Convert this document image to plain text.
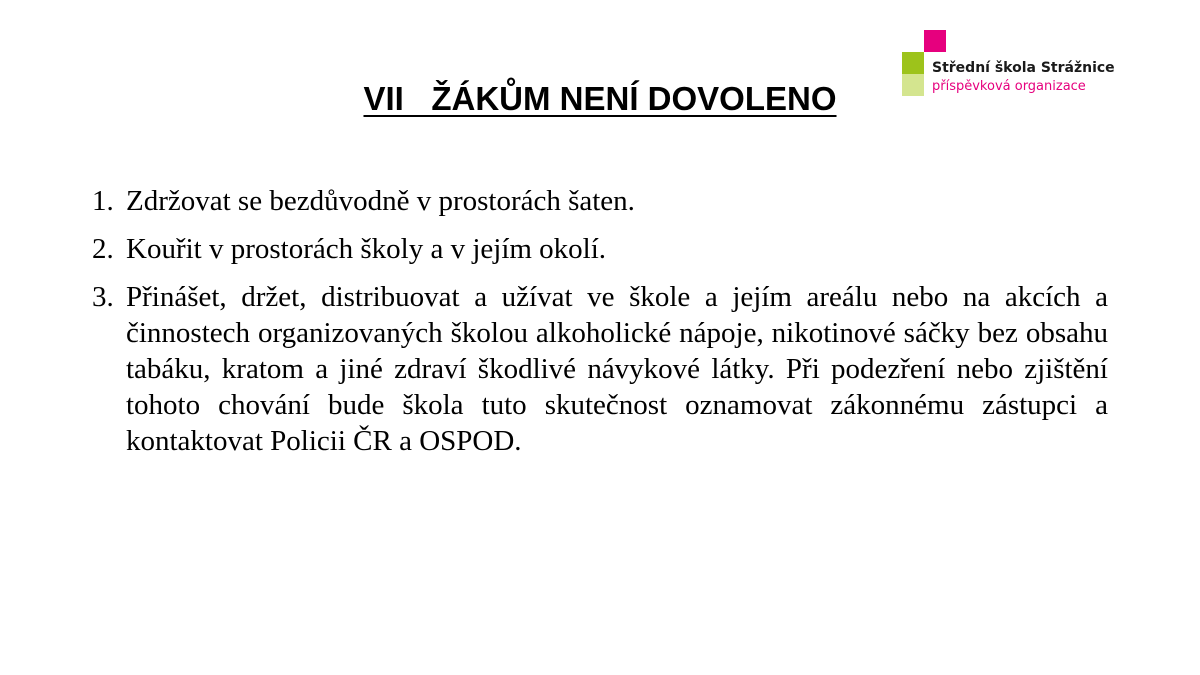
Střední škola Strážnice
příspěvková organizace
VII   ŽÁKŮM NENÍ DOVOLENO
1. Zdržovat se bezdůvodně v prostorách šaten.
2. Kouřit v prostorách školy a v jejím okolí.
3. Přinášet, držet, distribuovat a užívat ve škole a jejím areálu nebo na akcích a činnostech organizovaných školou alkoholické nápoje, nikotinové sáčky bez obsahu tabáku, kratom a jiné zdraví škodlivé návykové látky. Při podezření nebo zjištění tohoto chování bude škola tuto skutečnost oznamovat zákonnému zástupci a kontaktovat Policii ČR a OSPOD.
